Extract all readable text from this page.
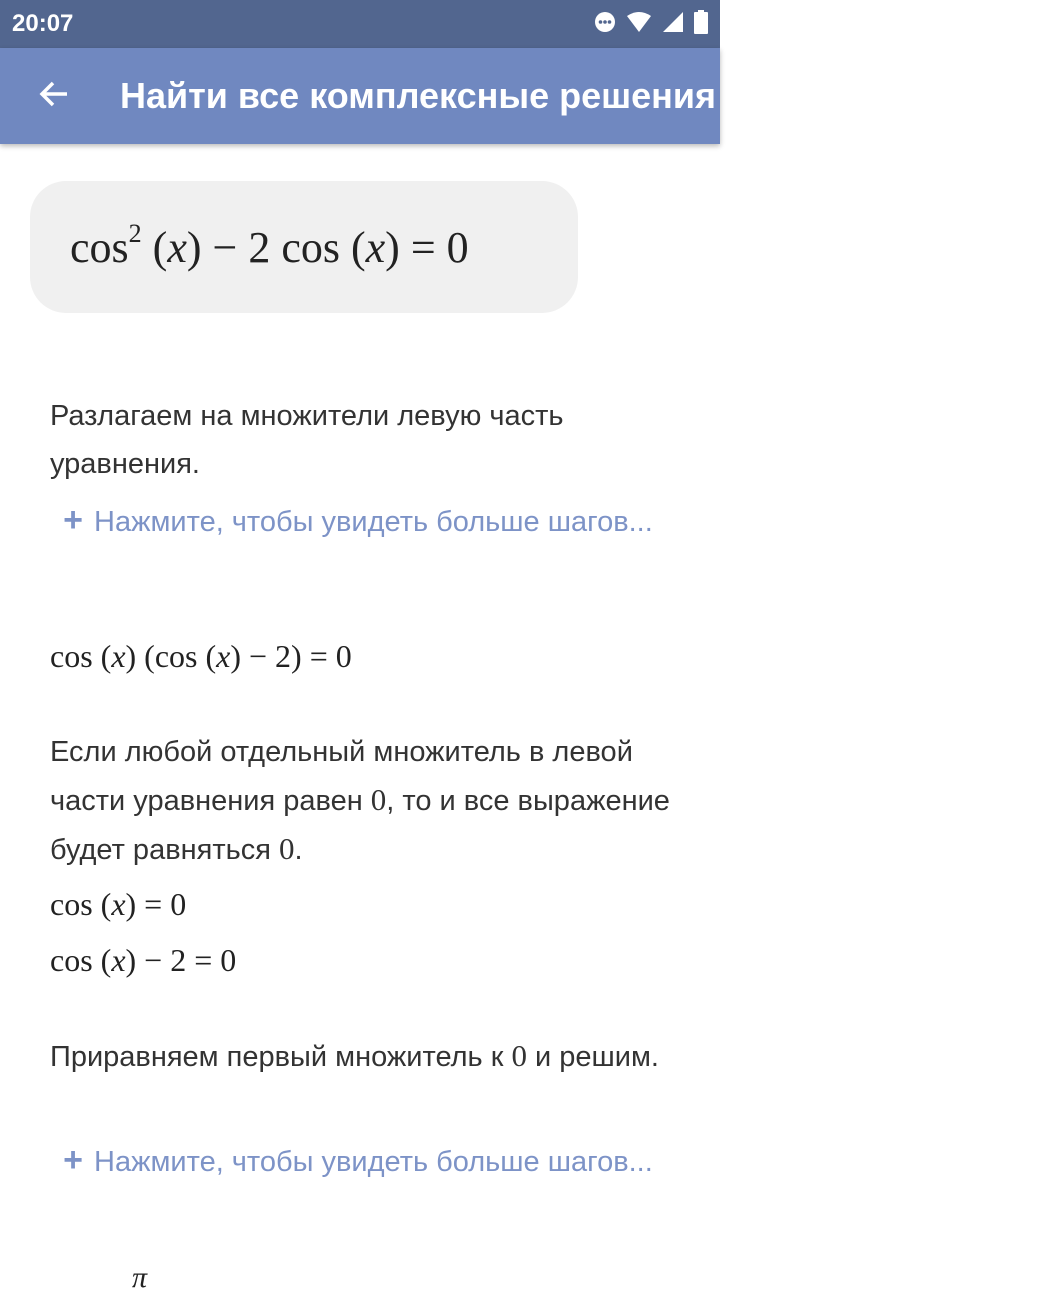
20:07
Найти все комплексные решения cos(x)^2-2cos(x)=0
$\cos^2 (x) - 2$ cos (x) = 0
Разлагаем на множители левую часть уравнения.
+ Нажмите, чтобы увидеть больше шагов...
cos (x) (cos (x) − 2) = 0
Если любой отдельный множитель в левой части уравнения равен 0, то и все выражение будет равняться 0.
cos (x) = 0
cos (x) − 2 = 0
Приравняем первый множитель к 0 и решим.
+ Нажмите, чтобы увидеть больше шагов...
π
